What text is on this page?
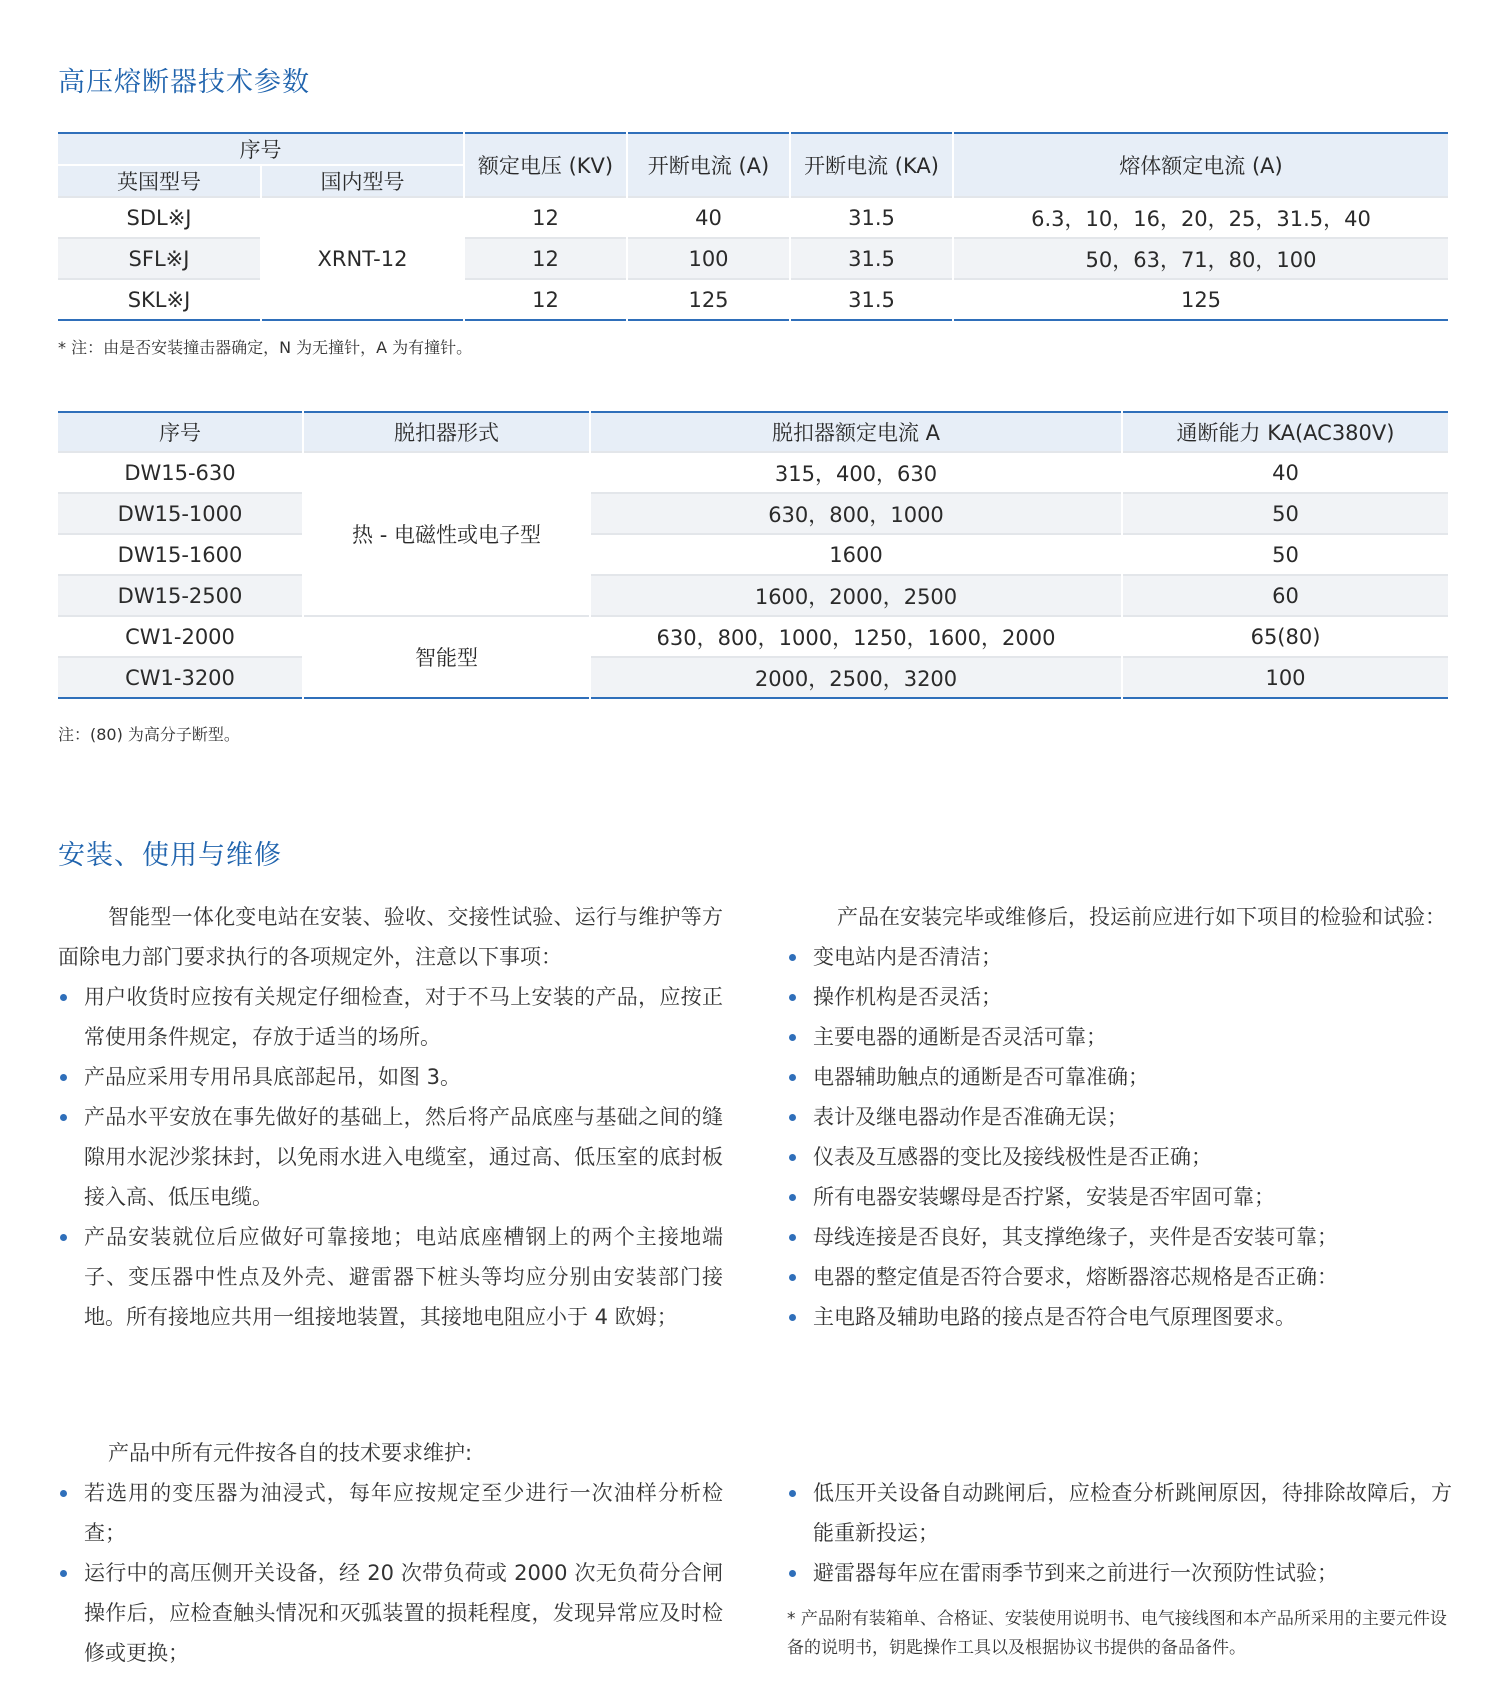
高压熔断器技术参数
序号		额定电压 (KV)	开断电流 (A)	开断电流 (KA)	熔体额定电流 (A)
英国型号	国内型号				
SDL※J	XRNT-12	12	40	31.5	6.3，10，16，20，25，31.5，40
SFL※J		12	100	31.5	50，63，71，80，100
SKL※J		12	125	31.5	125
* 注：由是否安装撞击器确定，N 为无撞针，A 为有撞针。
序号	脱扣器形式	脱扣器额定电流 A	通断能力 KA(AC380V)
DW15-630	热 - 电磁性或电子型	315，400，630	40
DW15-1000		630，800，1000	50
DW15-1600		1600	50
DW15-2500		1600，2000，2500	60
CW1-2000	智能型	630，800，1000，1250，1600，2000	65(80)
CW1-3200		2000，2500，3200	100
注：(80) 为高分子断型。
安装、使用与维修

智能型一体化变电站在安装、验收、交接性试验、运行与维护等方面除电力部门要求执行的各项规定外，注意以下事项：

用户收货时应按有关规定仔细检查，对于不马上安装的产品，应按正常使用条件规定，存放于适当的场所。
产品应采用专用吊具底部起吊，如图 3。
产品水平安放在事先做好的基础上，然后将产品底座与基础之间的缝隙用水泥沙浆抹封，以免雨水进入电缆室，通过高、低压室的底封板接入高、低压电缆。
产品安装就位后应做好可靠接地；电站底座槽钢上的两个主接地端子、变压器中性点及外壳、避雷器下桩头等均应分别由安装部门接地。所有接地应共用一组接地装置，其接地电阻应小于 4 欧姆；

产品在安装完毕或维修后，投运前应进行如下项目的检验和试验：

变电站内是否清洁；
操作机构是否灵活；
主要电器的通断是否灵活可靠；
电器辅助触点的通断是否可靠准确；
表计及继电器动作是否准确无误；
仪表及互感器的变比及接线极性是否正确；
所有电器安装螺母是否拧紧，安装是否牢固可靠；
母线连接是否良好，其支撑绝缘子，夹件是否安装可靠；
电器的整定值是否符合要求，熔断器溶芯规格是否正确：
主电路及辅助电路的接点是否符合电气原理图要求。

产品中所有元件按各自的技术要求维护:

若选用的变压器为油浸式，每年应按规定至少进行一次油样分析检查；
运行中的高压侧开关设备，经 20 次带负荷或 2000 次无负荷分合闸操作后，应检查触头情况和灭弧装置的损耗程度，发现异常应及时检修或更换；
低压开关设备自动跳闸后，应检查分析跳闸原因，待排除故障后，方能重新投运；
避雷器每年应在雷雨季节到来之前进行一次预防性试验；

* 产品附有装箱单、合格证、安装使用说明书、电气接线图和本产品所采用的主要元件设备的说明书，钥匙操作工具以及根据协议书提供的备品备件。
